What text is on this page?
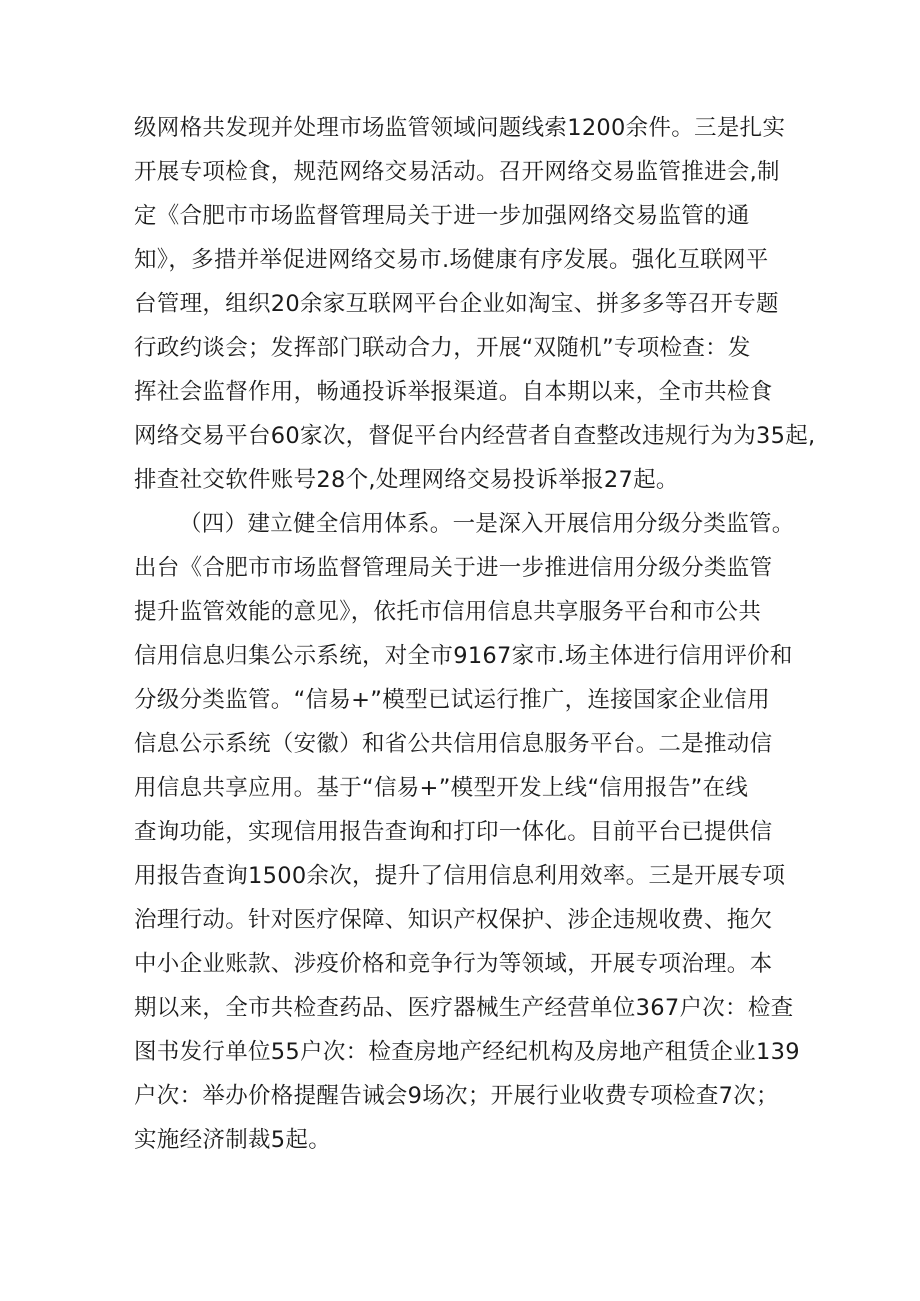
级网格共发现并处理市场监管领域问题线索1200余件。三是扎实
开展专项检食，规范网络交易活动。召开网络交易监管推进会,制
定《合肥市市场监督管理局关于进一步加强网络交易监管的通
知》，多措并举促进网络交易市.场健康有序发展。强化互联网平
台管理，组织20余家互联网平台企业如淘宝、拼多多等召开专题
行政约谈会；发挥部门联动合力，开展“双随机”专项检查：发
挥社会监督作用，畅通投诉举报渠道。自本期以来，全市共检食
网络交易平台60家次，督促平台内经营者自查整改违规行为为35起,
排查社交软件账号28个,处理网络交易投诉举报27起。
（四）建立健全信用体系。一是深入开展信用分级分类监管。
出台《合肥市市场监督管理局关于进一步推进信用分级分类监管
提升监管效能的意见》，依托市信用信息共享服务平台和市公共
信用信息归集公示系统，对全市9167家市.场主体进行信用评价和
分级分类监管。“信易+”模型已试运行推广，连接国家企业信用
信息公示系统（安徽）和省公共信用信息服务平台。二是推动信
用信息共享应用。基于“信易+”模型开发上线“信用报告”在线
查询功能，实现信用报告查询和打印一体化。目前平台已提供信
用报告查询1500余次，提升了信用信息利用效率。三是开展专项
治理行动。针对医疗保障、知识产权保护、涉企违规收费、拖欠
中小企业账款、涉疫价格和竞争行为等领域，开展专项治理。本
期以来，全市共检查药品、医疗器械生产经营单位367户次：检查
图书发行单位55户次：检查房地产经纪机构及房地产租赁企业139
户次：举办价格提醒告诫会9场次；开展行业收费专项检查7次；
实施经济制裁5起。
